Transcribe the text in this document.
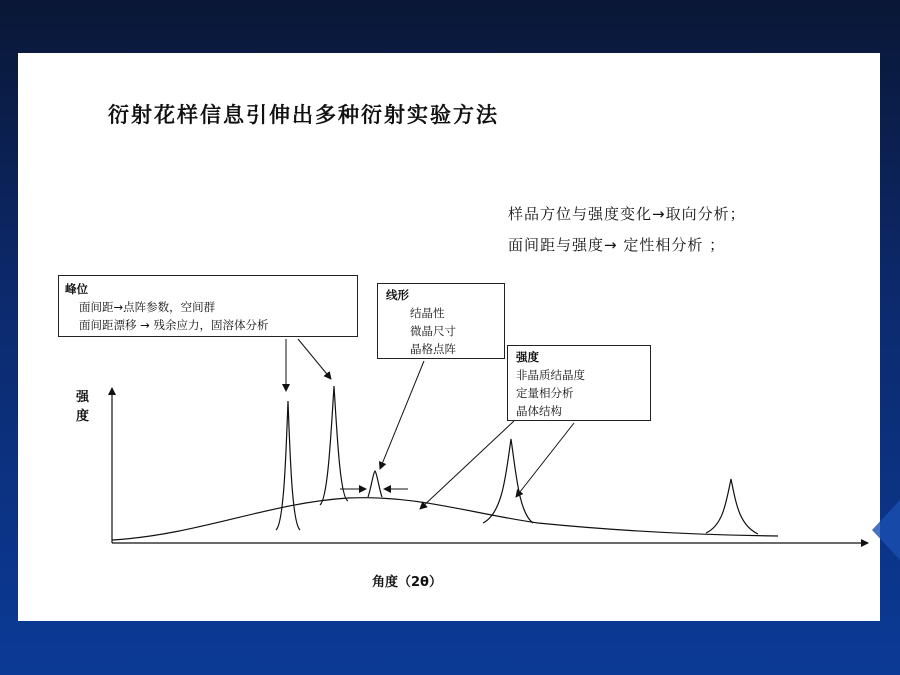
衍射花样信息引伸出多种衍射实验方法
样品方位与强度变化→取向分析；
面间距与强度→ 定性相分析 ；
峰位
面间距→点阵参数，空间群
面间距漂移 → 残余应力，固溶体分析
线形
结晶性
微晶尺寸
晶格点阵
强度
非晶质结晶度
定量相分析
晶体结构
强度
角度（2θ）
